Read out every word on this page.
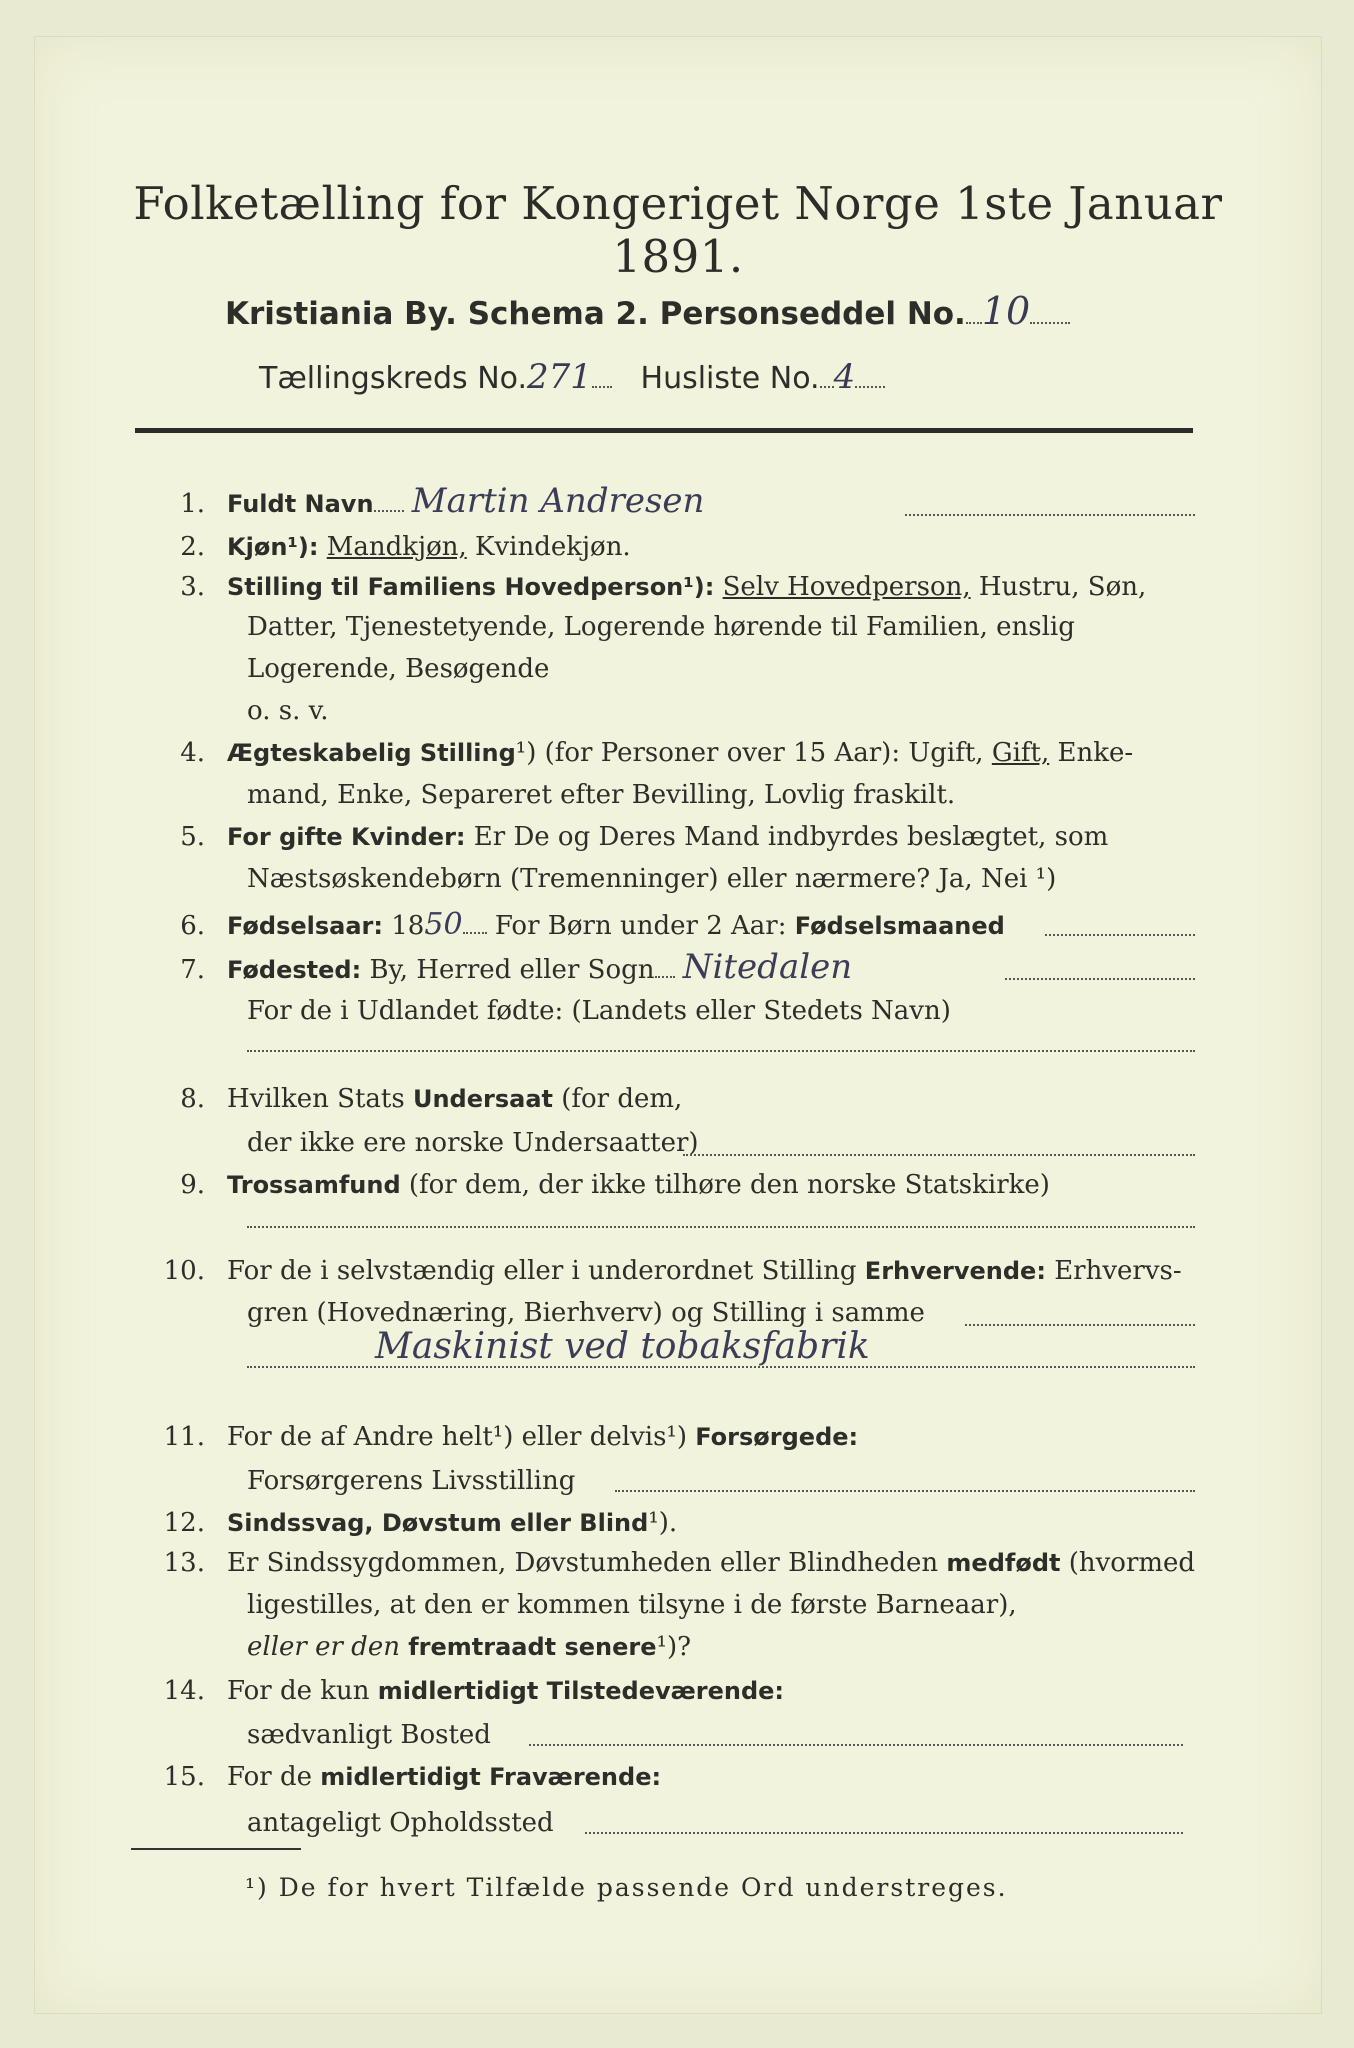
Folketælling for Kongeriget Norge 1ste Januar 1891.
Kristiania By. Schema 2. Personseddel No. 10
Tællingskreds No.271 Husliste No. 4
1. Fuldt Navn Martin Andresen
2. Kjøn¹): Mandkjøn, Kvindekjøn.
3. Stilling til Familiens Hovedperson¹): Selv Hovedperson, Hustru, Søn,
Datter, Tjenestetyende, Logerende hørende til Familien, enslig
Logerende, Besøgende
o. s. v.
4. Ægteskabelig Stilling¹) (for Personer over 15 Aar): Ugift, Gift, Enke-
mand, Enke, Separeret efter Bevilling, Lovlig fraskilt.
5. For gifte Kvinder: Er De og Deres Mand indbyrdes beslægtet, som
Næstsøskendebørn (Tremenninger) eller nærmere? Ja, Nei ¹)
6. Fødselsaar: 1850 For Børn under 2 Aar: Fødselsmaaned
7. Fødested: By, Herred eller Sogn Nitedalen
For de i Udlandet fødte: (Landets eller Stedets Navn)
8. Hvilken Stats Undersaat (for dem,
der ikke ere norske Undersaatter)
9. Trossamfund (for dem, der ikke tilhøre den norske Statskirke)
10. For de i selvstændig eller i underordnet Stilling Erhvervende: Erhvervs-
gren (Hovednæring, Bierhverv) og Stilling i samme
Maskinist ved tobaksfabrik
11. For de af Andre helt¹) eller delvis¹) Forsørgede:
Forsørgerens Livsstilling
12. Sindssvag, Døvstum eller Blind¹).
13. Er Sindssygdommen, Døvstumheden eller Blindheden medfødt (hvormed
ligestilles, at den er kommen tilsyne i de første Barneaar),
eller er den fremtraadt senere¹)?
14. For de kun midlertidigt Tilstedeværende:
sædvanligt Bosted
15. For de midlertidigt Fraværende:
antageligt Opholdssted
¹) De for hvert Tilfælde passende Ord understreges.
